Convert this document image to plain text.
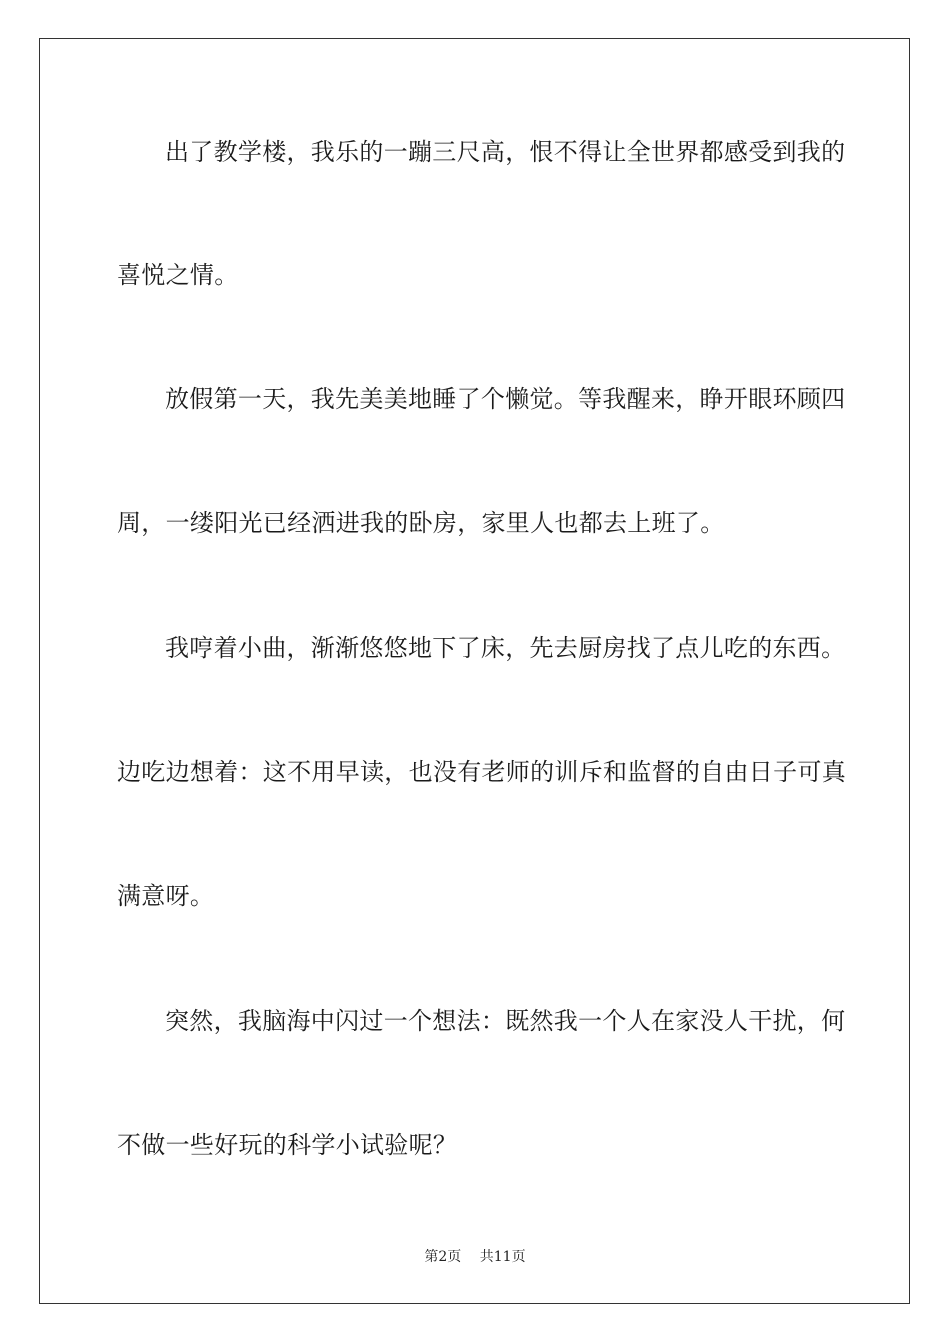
出了教学楼，我乐的一蹦三尺高，恨不得让全世界都感受到我的
喜悦之情。
放假第一天，我先美美地睡了个懒觉。等我醒来，睁开眼环顾四
周，一缕阳光已经洒进我的卧房，家里人也都去上班了。
我哼着小曲，渐渐悠悠地下了床，先去厨房找了点儿吃的东西。
边吃边想着：这不用早读，也没有老师的训斥和监督的自由日子可真
满意呀。
突然，我脑海中闪过一个想法：既然我一个人在家没人干扰，何
不做一些好玩的科学小试验呢？
第2页 共11页
